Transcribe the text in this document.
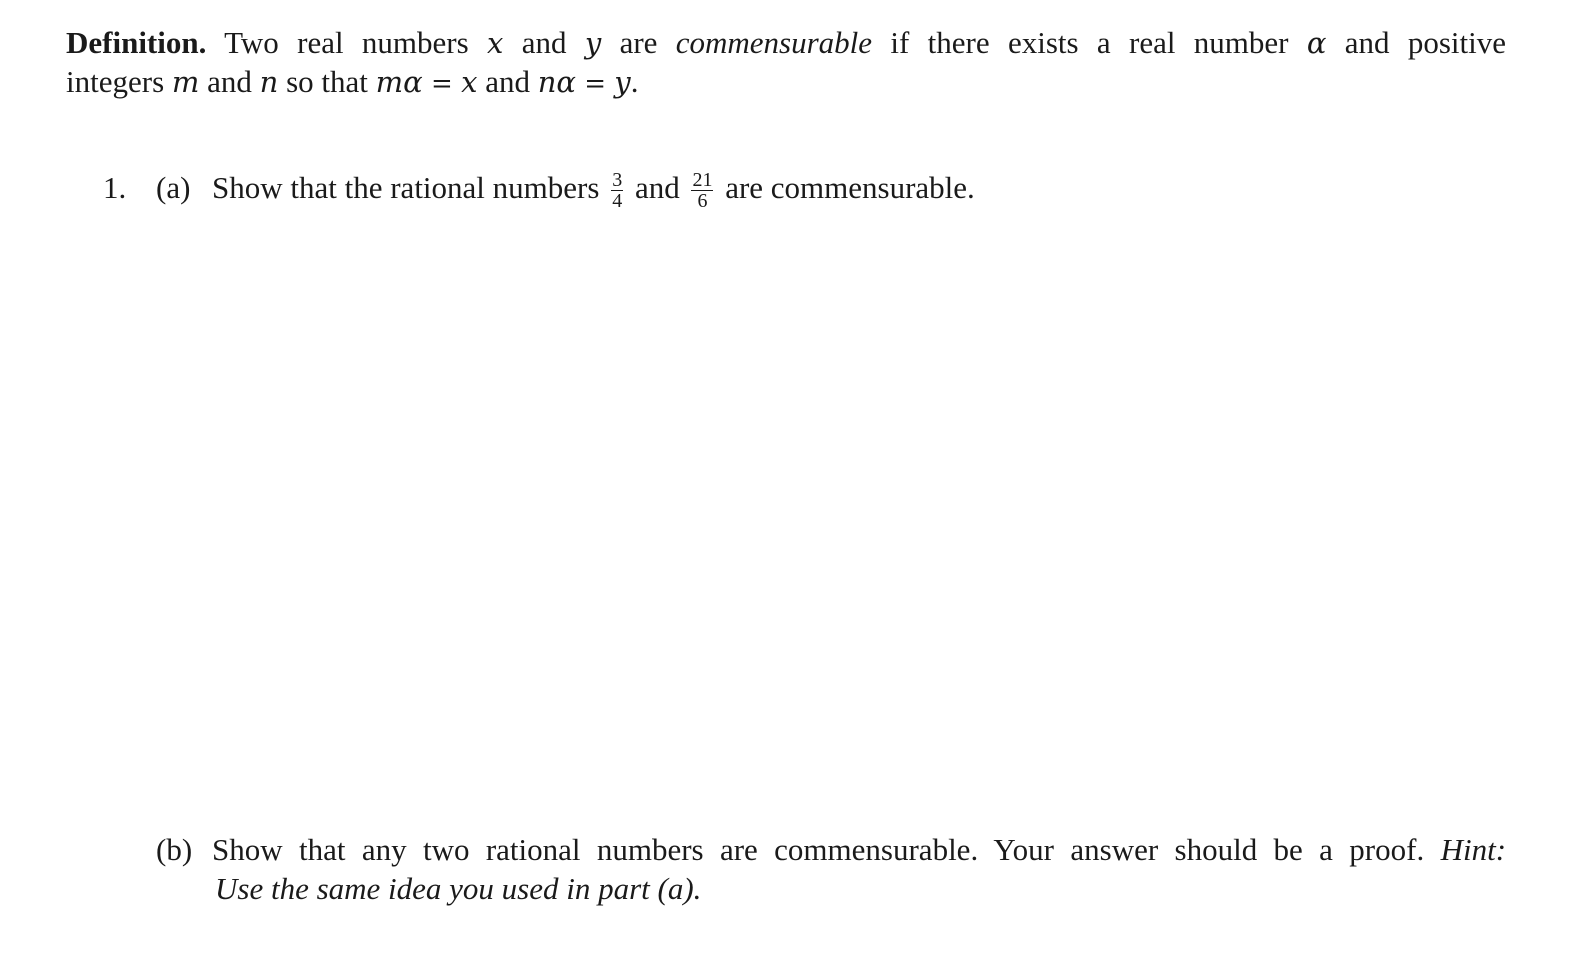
Definition. Two real numbers x and y are commensurable if there exists a real number α and positive
integers m and n so that mα = x and nα = y.
1. (a) Show that the rational numbers $\frac{3}{4}$ and $\frac{21}{6}$ are commensurable.
(b) Show that any two rational numbers are commensurable. Your answer should be a proof. Hint:
Use the same idea you used in part (a).
